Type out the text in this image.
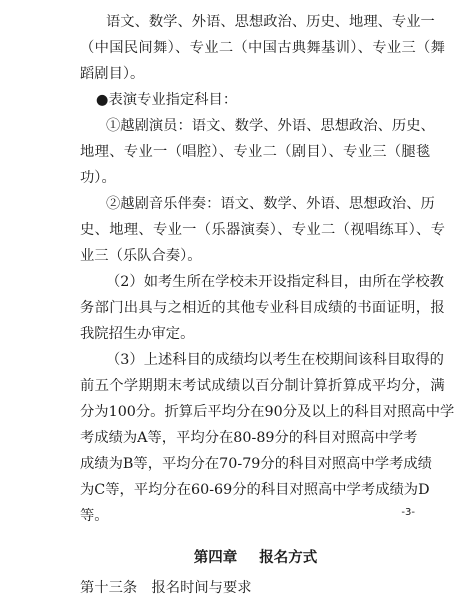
语文、数学、外语、思想政治、历史、地理、专业一
（中国民间舞）、专业二（中国古典舞基训）、专业三（舞
蹈剧目）。
●表演专业指定科目：
①越剧演员：语文、数学、外语、思想政治、历史、
地理、专业一（唱腔）、专业二（剧目）、专业三（腿毯
功）。
②越剧音乐伴奏：语文、数学、外语、思想政治、历
史、地理、专业一（乐器演奏）、专业二（视唱练耳）、专
业三（乐队合奏）。
（2）如考生所在学校未开设指定科目，由所在学校教
务部门出具与之相近的其他专业科目成绩的书面证明，报
我院招生办审定。
（3）上述科目的成绩均以考生在校期间该科目取得的
前五个学期期末考试成绩以百分制计算折算成平均分，满
分为100分。折算后平均分在90分及以上的科目对照高中学
考成绩为A等，平均分在80-89分的科目对照高中学考
成绩为B等，平均分在70-79分的科目对照高中学考成绩
为C等，平均分在60-69分的科目对照高中学考成绩为D
等。
第四章 报名方式
第十三条　报名时间与要求
-3-
